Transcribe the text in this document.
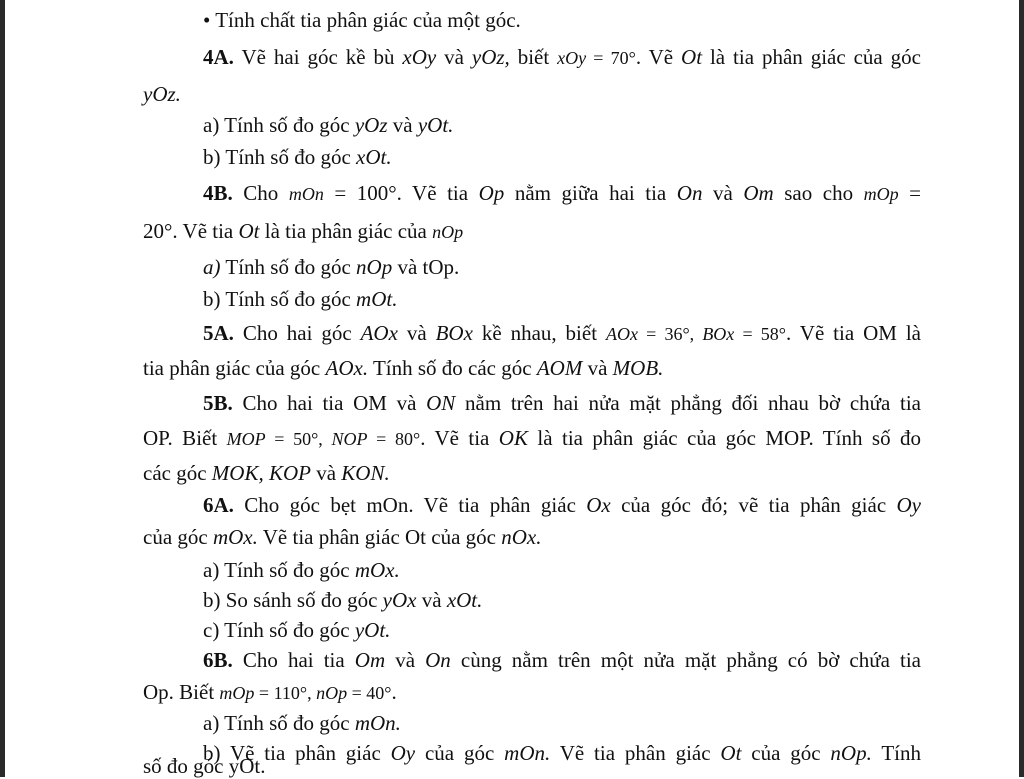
• Tính chất tia phân giác của một góc.
4A. Vẽ hai góc kề bù xOy và yOz, biết xOy = 70°. Vẽ Ot là tia phân giác của góc
yOz.
a) Tính số đo góc yOz và yOt.
b) Tính số đo góc xOt.
4B. Cho mOn = 100°. Vẽ tia Op nằm giữa hai tia On và Om sao cho mOp =
20°. Vẽ tia Ot là tia phân giác của nOp
a) Tính số đo góc nOp và tOp.
b) Tính số đo góc mOt.
5A. Cho hai góc AOx và BOx kề nhau, biết AOx = 36°, BOx = 58°. Vẽ tia OM là
tia phân giác của góc AOx. Tính số đo các góc AOM và MOB.
5B. Cho hai tia OM và ON nằm trên hai nửa mặt phẳng đối nhau bờ chứa tia
OP. Biết MOP = 50°, NOP = 80°. Vẽ tia OK là tia phân giác của góc MOP. Tính số đo
các góc MOK, KOP và KON.
6A. Cho góc bẹt mOn. Vẽ tia phân giác Ox của góc đó; vẽ tia phân giác Oy
của góc mOx. Vẽ tia phân giác Ot của góc nOx.
a) Tính số đo góc mOx.
b) So sánh số đo góc yOx và xOt.
c) Tính số đo góc yOt.
6B. Cho hai tia Om và On cùng nằm trên một nửa mặt phẳng có bờ chứa tia
Op. Biết mOp = 110°, nOp = 40°.
a) Tính số đo góc mOn.
b) Vẽ tia phân giác Oy của góc mOn. Vẽ tia phân giác Ot của góc nOp. Tính
số đo góc yOt.
